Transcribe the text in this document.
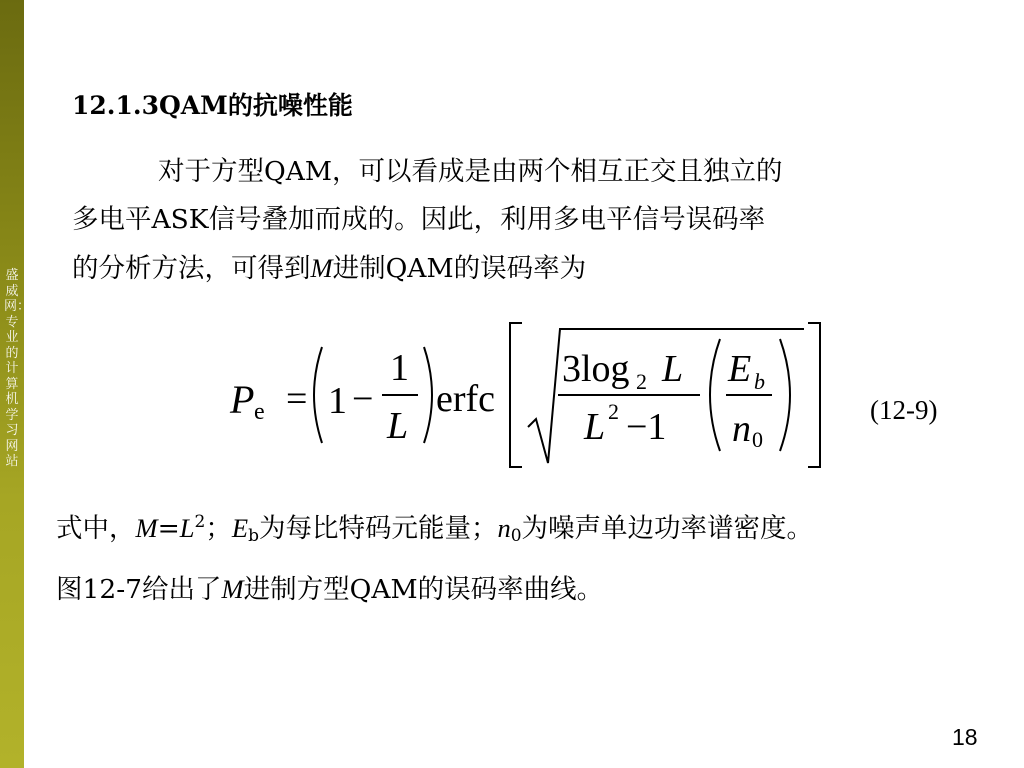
盛威网：专业的计算机学习网站
12.1.3QAM的抗噪性能

对于方型QAM，可以看成是由两个相互正交且独立的

多电平ASK信号叠加而成的。因此，利用多电平信号误码率

的分析方法，可得到M进制QAM的误码率为

P e = 1 −
1
L
erfc
3log 2 L
L 2 −1
E b
n 0
(12-9)

式中，$M=L^2$；$E_b$为每比特码元能量；$n_0$为噪声单边功率谱密度。

图12-7给出了M进制方型QAM的误码率曲线。

18
